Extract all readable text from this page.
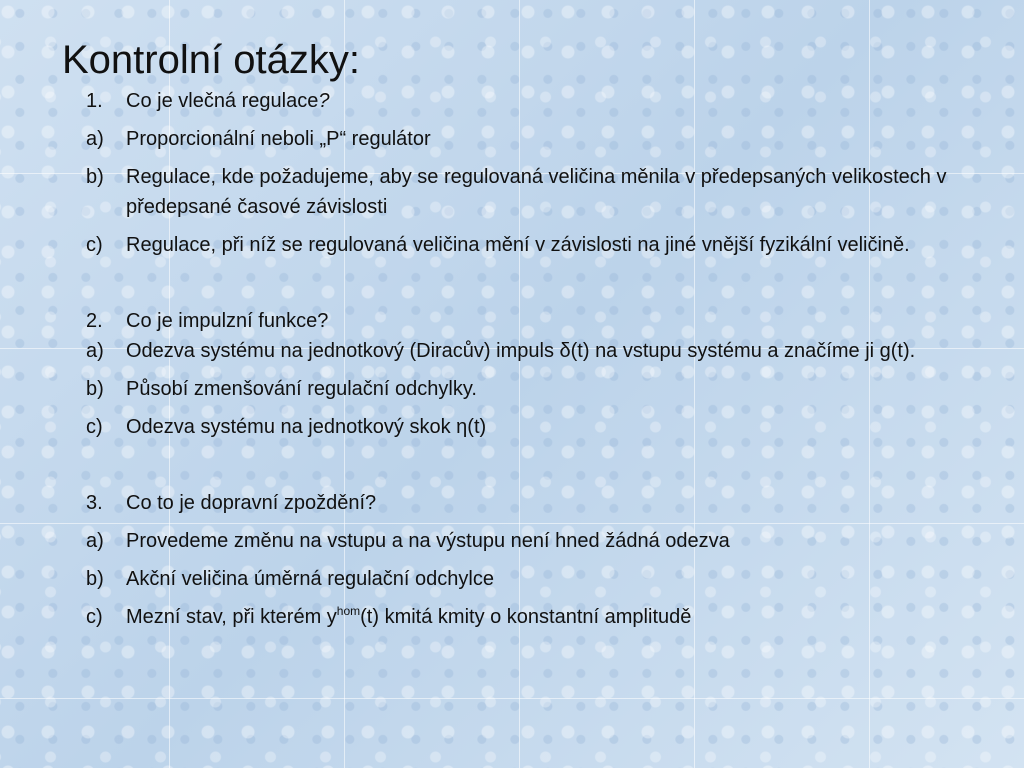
Kontrolní otázky:
1.	Co je vlečná regulace?
a)	Proporcionální neboli „P“ regulátor
b)	Regulace, kde požadujeme, aby se regulovaná veličina měnila v předepsaných velikostech v předepsané časové závislosti
c)	Regulace, při níž se regulovaná veličina mění v závislosti na jiné vnější fyzikální veličině.
2.	Co je impulzní funkce?
a)	Odezva systému na jednotkový (Diracův) impuls δ(t) na vstupu systému a značíme ji g(t).
b)	Působí zmenšování regulační odchylky.
c)	Odezva systému na jednotkový skok η(t)
3.	Co to je dopravní zpoždění?
a)	Provedeme změnu na vstupu a na výstupu není hned žádná odezva
b)	Akční veličina úměrná regulační odchylce
c)	Mezní stav, při kterém $y^{hom}(t)$ kmitá kmity o konstantní amplitudě
